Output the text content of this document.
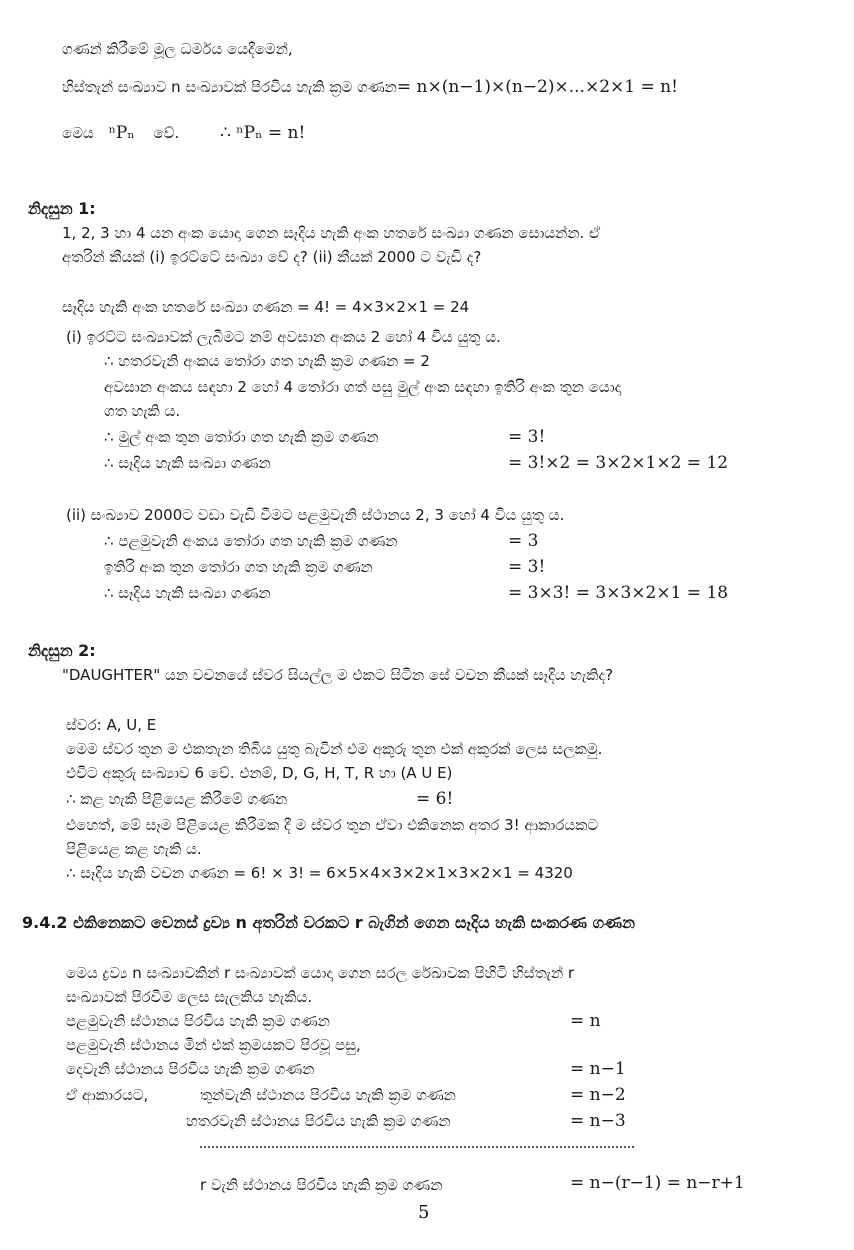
ගණන් කිරීමේ මූල ධර්මය යෙදීමෙන්,
හිස්තැන් සංඛ්‍යාව n සංඛ්‍යාවක් පිරවිය හැකි ක්‍රම ගණන= n×(n−1)×(n−2)×...×2×1 = n!
මෙය ⁿPₙ වේ. ∴ ⁿPₙ = n!
නිදසුන 1:
1, 2, 3 හා 4 යන අංක යොදා ගෙන සෑදිය හැකි අංක හතරේ සංඛ්‍යා ගණන සොයන්න. ඒ
අතරින් කීයක් (i) ඉරට්ටේ සංඛ්‍යා වේ ද? (ii) කීයක් 2000 ට වැඩි ද?
සෑදිය හැකි අංක හතරේ සංඛ්‍යා ගණන = 4! = 4×3×2×1 = 24
(i) ඉරට්ට සංඛ්‍යාවක් ලැබීමට නම් අවසාන අංකය 2 හෝ 4 විය යුතු ය.
∴ හතරවැනි අංකය තෝරා ගත හැකි ක්‍රම ගණන = 2
අවසාන අංකය සඳහා 2 හෝ 4 තෝරා ගත් පසු මුල් අංක සඳහා ඉතිරි අංක තුන යොදා
ගත හැකි ය.
∴ මුල් අංක තුන තෝරා ගත හැකි ක්‍රම ගණන	= 3!
∴ සෑදිය හැකි සංඛ්‍යා ගණන	= 3!×2 = 3×2×1×2 = 12
(ii) සංඛ්‍යාව 2000ට වඩා වැඩි වීමට පළමුවැනි ස්ථානය 2, 3 හෝ 4 විය යුතු ය.
∴ පළමුවැනි අංකය තෝරා ගත හැකි ක්‍රම ගණන	= 3
ඉතිරි අංක තුන තෝරා ගත හැකි ක්‍රම ගණන	= 3!
∴ සෑදිය හැකි සංඛ්‍යා ගණන	= 3×3! = 3×3×2×1 = 18
නිදසුන 2:
"DAUGHTER" යන වචනයේ ස්වර සියල්ල ම එකට සිටින සේ වචන කීයක් සෑදිය හැකිද?
ස්වර: A, U, E
මෙම ස්වර තුන ම එකතැන තිබිය යුතු බැවින් එම අකුරු තුන එක් අකුරක් ලෙස සලකමු.
එවිට අකුරු සංඛ්‍යාව 6 වේ. එනම්, D, G, H, T, R හා (A U E)
∴ කළ හැකි පිළියෙළ කිරීමේ ගණන	= 6!
එහෙත්, මේ සෑම පිළියෙළ කිරීමක දී ම ස්වර තුන ඒවා එකිනෙක අතර 3! ආකාරයකට
පිළියෙළ කළ හැකි ය.
∴ සෑදිය හැකි වචන ගණන = 6! × 3! = 6×5×4×3×2×1×3×2×1 = 4320
9.4.2 එකිනෙකට වෙනස් ද්‍රව්‍ය n අතරින් වරකට r බැගින් ගෙන සෑදිය හැකි සංකරණ ගණන
මෙය ද්‍රව්‍ය n සංඛ්‍යාවකින් r සංඛ්‍යාවක් යොදා ගෙන සරල රේඛාවක පිහිටි හිස්තැන් r
සංඛ්‍යාවක් පිරවීම ලෙස සැලකිය හැකිය.
පළමුවැනි ස්ථානය පිරවිය හැකි ක්‍රම ගණන	= n
පළමුවැනි ස්ථානය මින් එක් ක්‍රමයකට පිරවූ පසු,
දෙවැනි ස්ථානය පිරවිය හැකි ක්‍රම ගණන	= n−1
ඒ ආකාරයට,	තුන්වැනි ස්ථානය පිරවිය හැකි ක්‍රම ගණන	= n−2
හතරවැනි ස්ථානය පිරවිය හැකි ක්‍රම ගණන	= n−3
r වැනි ස්ථානය පිරවිය හැකි ක්‍රම ගණන	= n−(r−1) = n−r+1
5
